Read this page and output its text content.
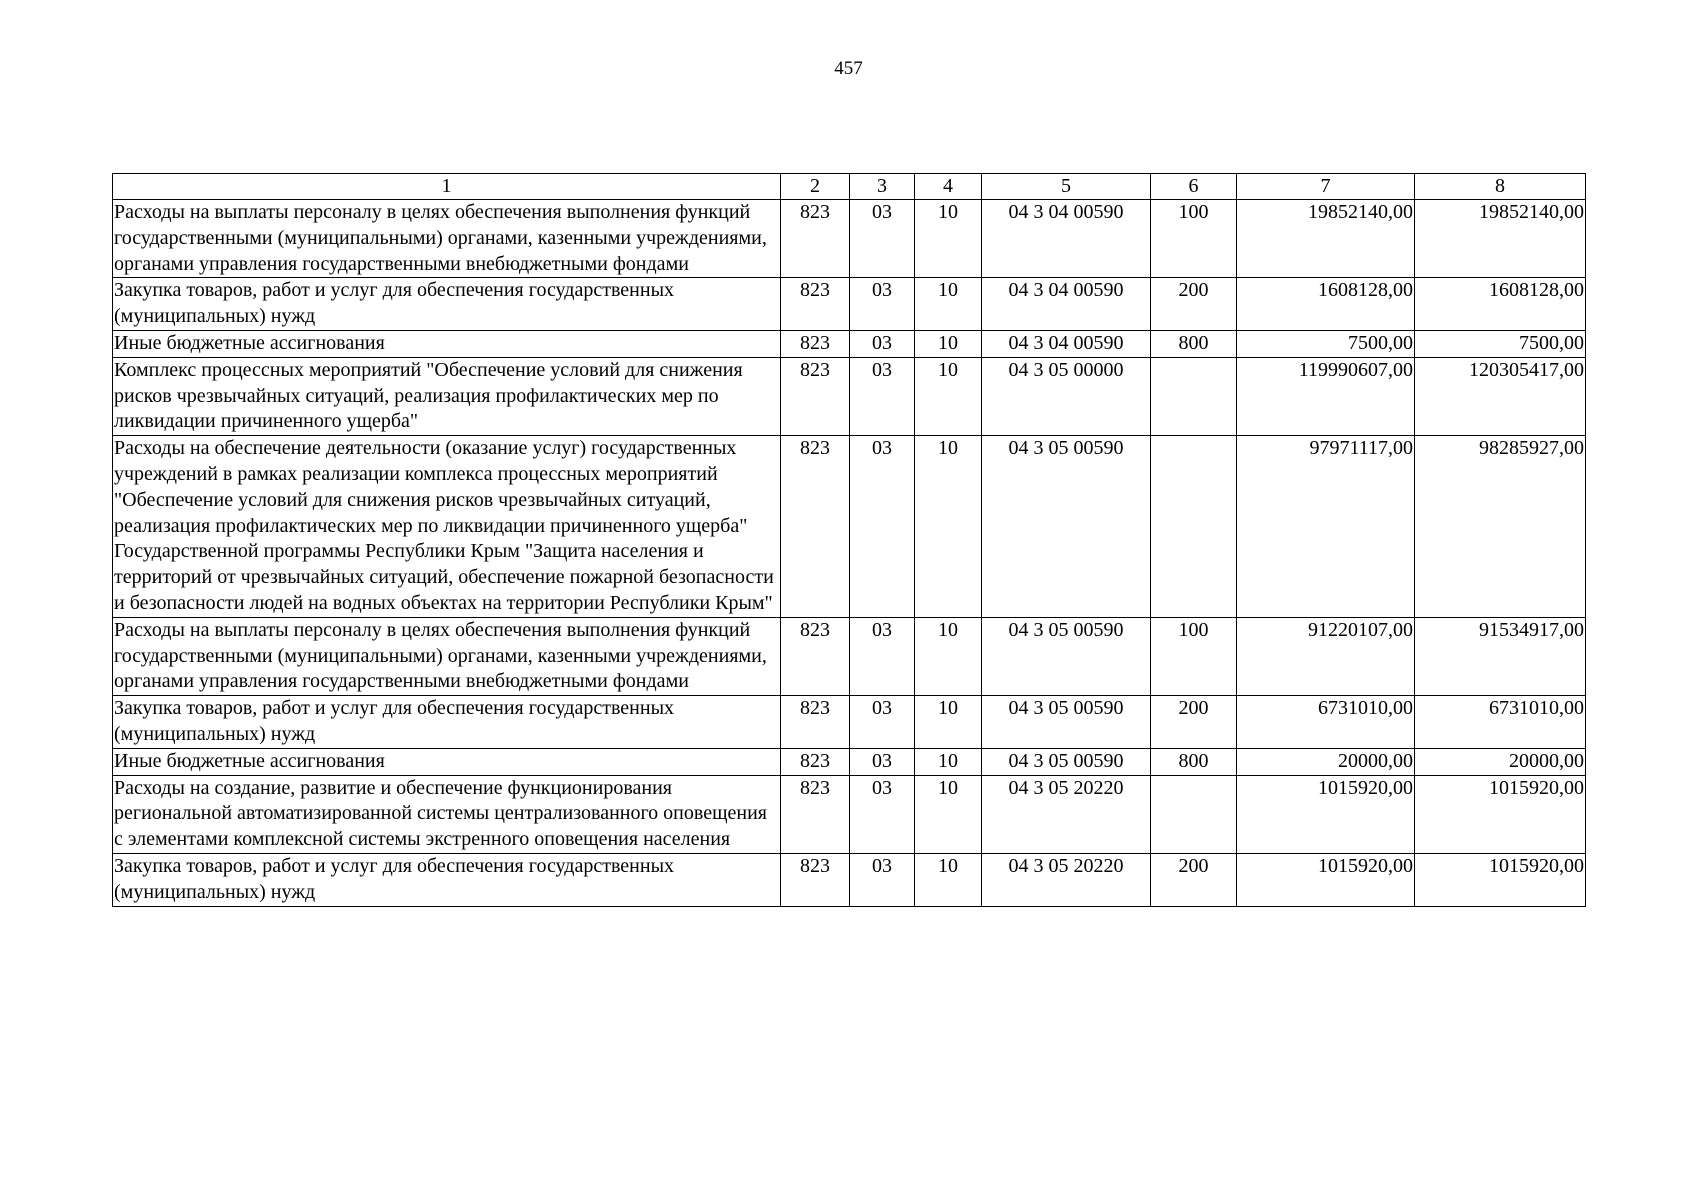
457
1	2	3	4	5	6	7	8
Расходы на выплаты персоналу в целях обеспечения выполнения функций государственными (муниципальными) органами, казенными учреждениями, органами управления государственными внебюджетными фондами	823	03	10	04 3 04 00590	100	19852140,00	19852140,00
Закупка товаров, работ и услуг для обеспечения государственных (муниципальных) нужд	823	03	10	04 3 04 00590	200	1608128,00	1608128,00
Иные бюджетные ассигнования	823	03	10	04 3 04 00590	800	7500,00	7500,00
Комплекс процессных мероприятий "Обеспечение условий для снижения рисков чрезвычайных ситуаций, реализация профилактических мер по ликвидации причиненного ущерба"	823	03	10	04 3 05 00000		119990607,00	120305417,00
Расходы на обеспечение деятельности (оказание услуг) государственных учреждений в рамках реализации комплекса процессных мероприятий "Обеспечение условий для снижения рисков чрезвычайных ситуаций, реализация профилактических мер по ликвидации причиненного ущерба" Государственной программы Республики Крым "Защита населения и территорий от чрезвычайных ситуаций, обеспечение пожарной безопасности и безопасности людей на водных объектах на территории Республики Крым"	823	03	10	04 3 05 00590		97971117,00	98285927,00
Расходы на выплаты персоналу в целях обеспечения выполнения функций государственными (муниципальными) органами, казенными учреждениями, органами управления государственными внебюджетными фондами	823	03	10	04 3 05 00590	100	91220107,00	91534917,00
Закупка товаров, работ и услуг для обеспечения государственных (муниципальных) нужд	823	03	10	04 3 05 00590	200	6731010,00	6731010,00
Иные бюджетные ассигнования	823	03	10	04 3 05 00590	800	20000,00	20000,00
Расходы на создание, развитие и обеспечение функционирования региональной автоматизированной системы централизованного оповещения с элементами комплексной системы экстренного оповещения населения	823	03	10	04 3 05 20220		1015920,00	1015920,00
Закупка товаров, работ и услуг для обеспечения государственных (муниципальных) нужд	823	03	10	04 3 05 20220	200	1015920,00	1015920,00
